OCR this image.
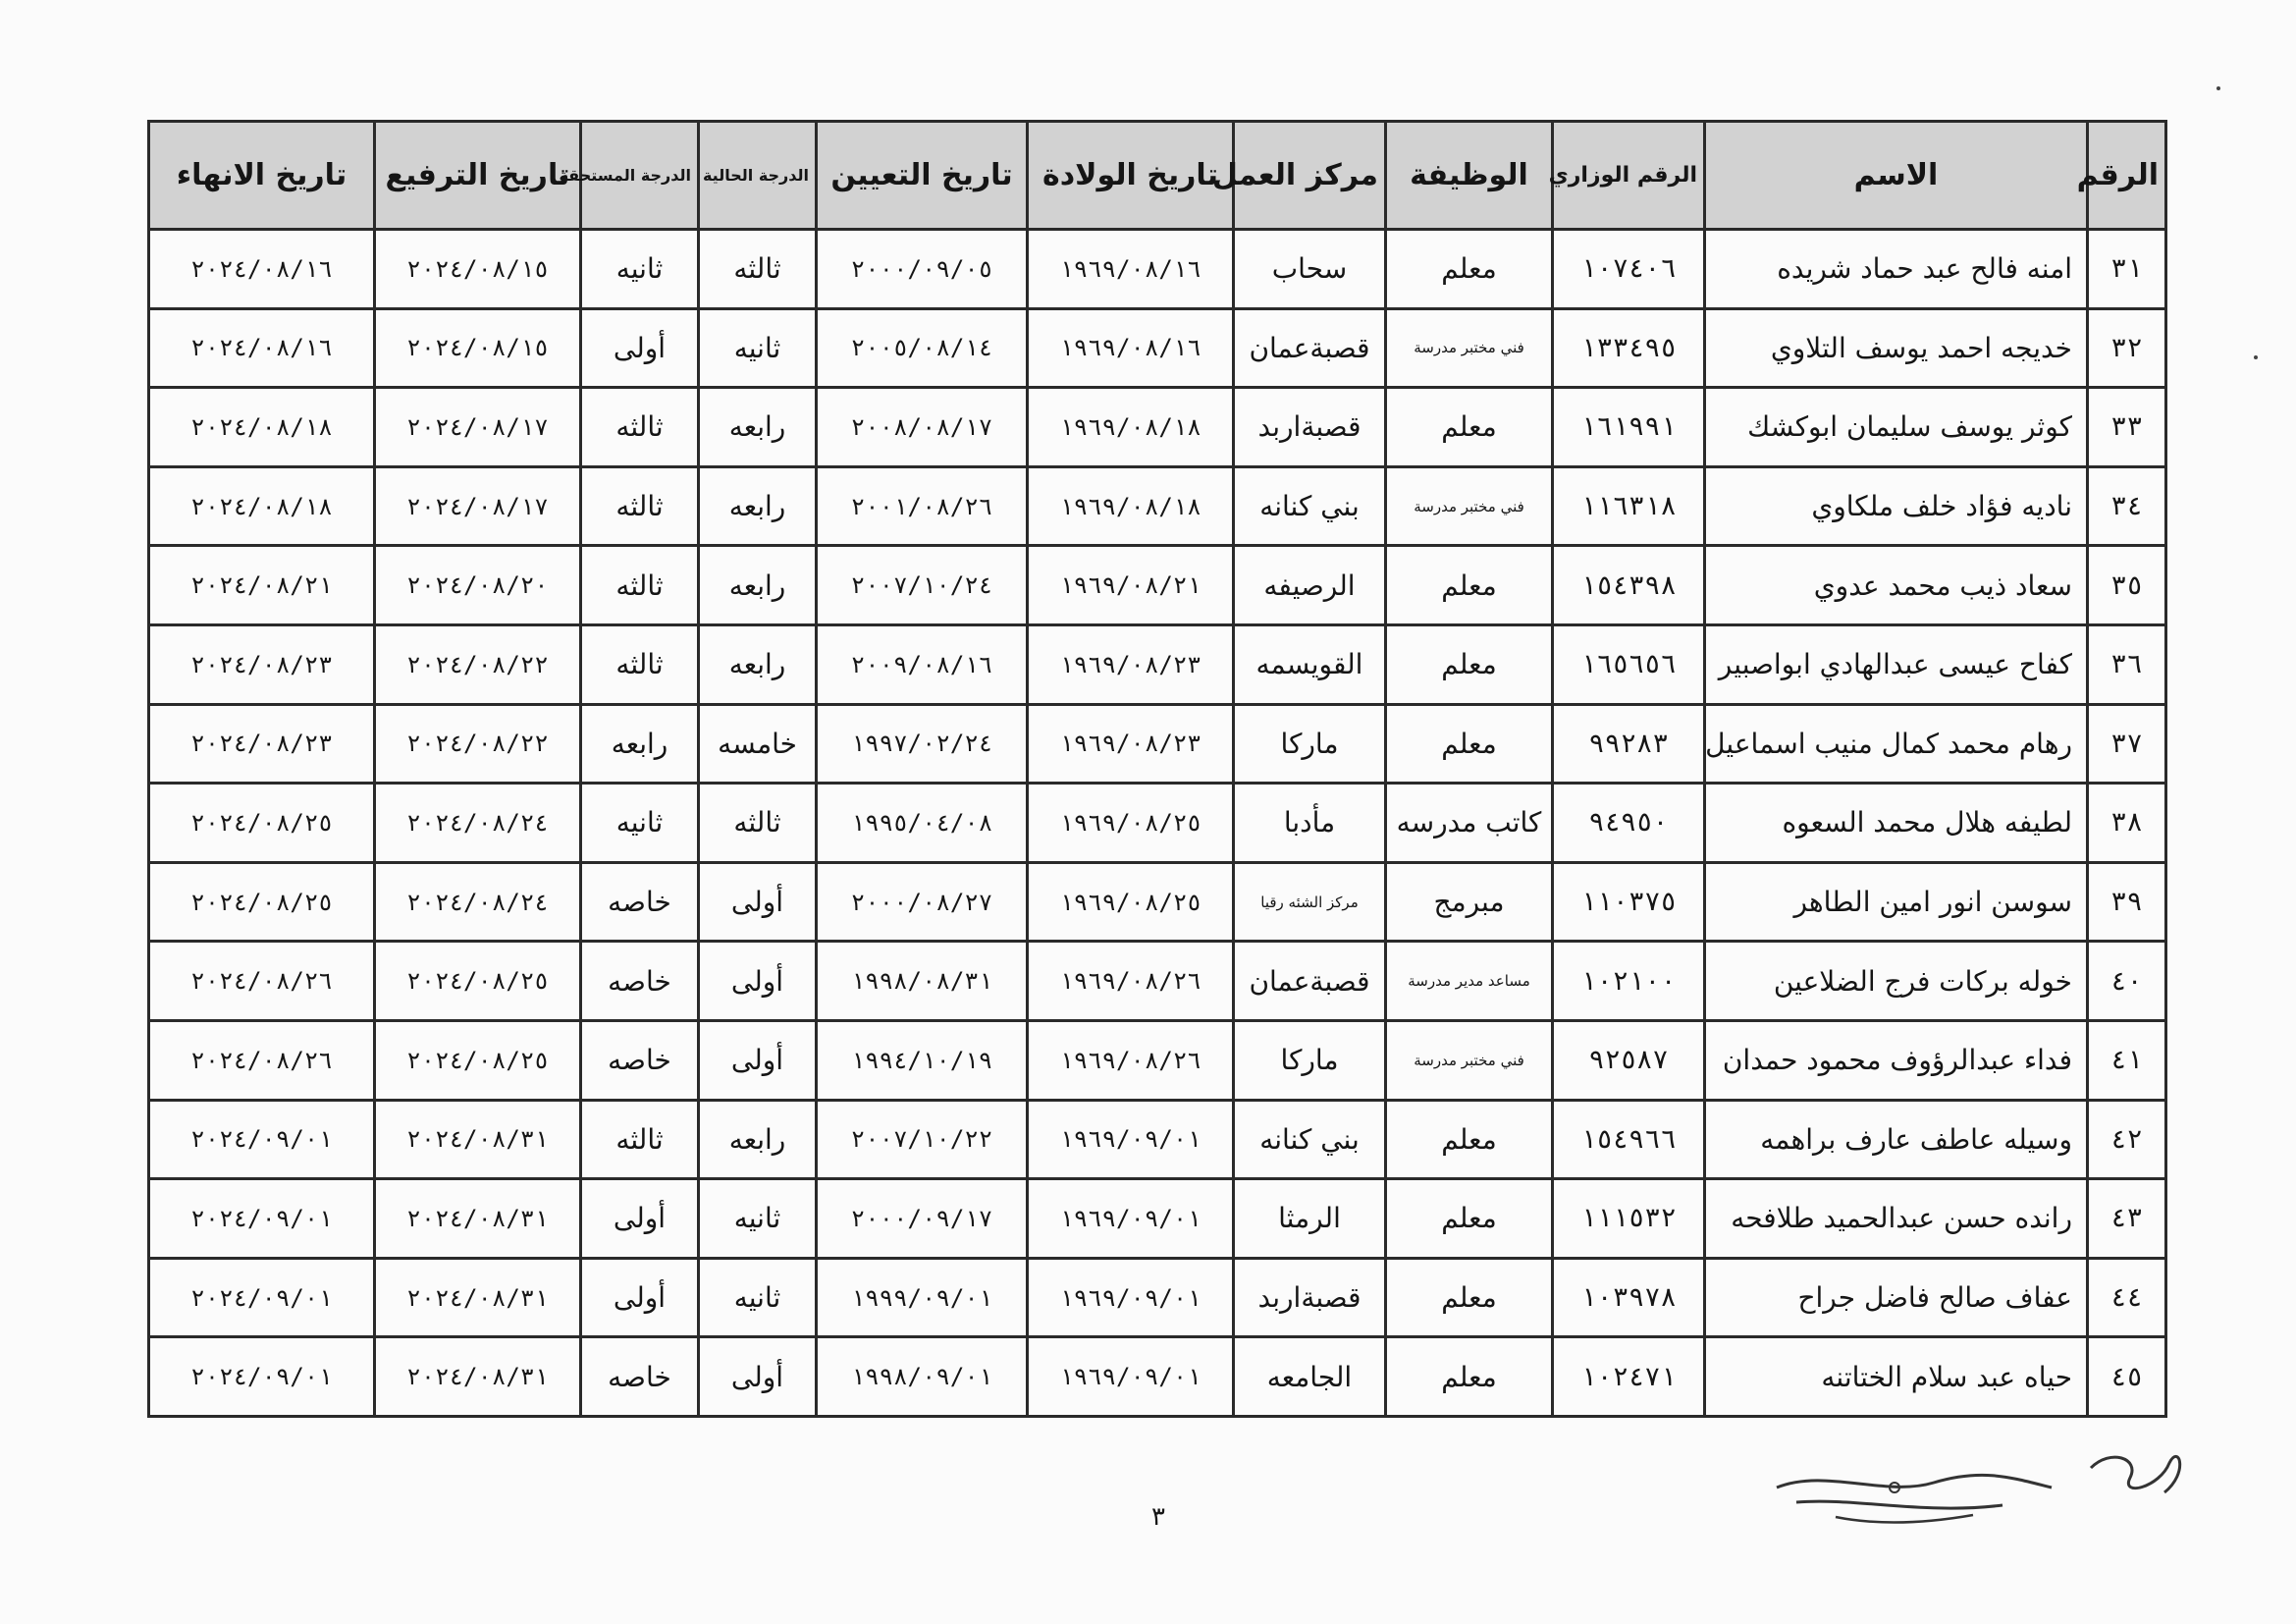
الرقم	الاسم	الرقم الوزاري	الوظيفة	مركز العمل	تاريخ الولادة	تاريخ التعيين	الدرجة الحالية	الدرجة المستحقة	تاريخ الترفيع	تاريخ الانهاء
٣١	امنه فالح عبد حماد شريده	١٠٧٤٠٦	معلم	سحاب	١٩٦٩/٠٨/١٦	٢٠٠٠/٠٩/٠٥	ثالثه	ثانيه	٢٠٢٤/٠٨/١٥	٢٠٢٤/٠٨/١٦
٣٢	خديجه احمد يوسف التلاوي	١٣٣٤٩٥	فني مختبر مدرسة	قصبةعمان	١٩٦٩/٠٨/١٦	٢٠٠٥/٠٨/١٤	ثانيه	أولى	٢٠٢٤/٠٨/١٥	٢٠٢٤/٠٨/١٦
٣٣	كوثر يوسف سليمان ابوكشك	١٦١٩٩١	معلم	قصبةاربد	١٩٦٩/٠٨/١٨	٢٠٠٨/٠٨/١٧	رابعه	ثالثه	٢٠٢٤/٠٨/١٧	٢٠٢٤/٠٨/١٨
٣٤	ناديه فؤاد خلف ملكاوي	١١٦٣١٨	فني مختبر مدرسة	بني كنانه	١٩٦٩/٠٨/١٨	٢٠٠١/٠٨/٢٦	رابعه	ثالثه	٢٠٢٤/٠٨/١٧	٢٠٢٤/٠٨/١٨
٣٥	سعاد ذيب محمد عدوي	١٥٤٣٩٨	معلم	الرصيفه	١٩٦٩/٠٨/٢١	٢٠٠٧/١٠/٢٤	رابعه	ثالثه	٢٠٢٤/٠٨/٢٠	٢٠٢٤/٠٨/٢١
٣٦	كفاح عيسى عبدالهادي ابواصبير	١٦٥٦٥٦	معلم	القويسمه	١٩٦٩/٠٨/٢٣	٢٠٠٩/٠٨/١٦	رابعه	ثالثه	٢٠٢٤/٠٨/٢٢	٢٠٢٤/٠٨/٢٣
٣٧	رهام محمد كمال منيب اسماعيل	٩٩٢٨٣	معلم	ماركا	١٩٦٩/٠٨/٢٣	١٩٩٧/٠٢/٢٤	خامسه	رابعه	٢٠٢٤/٠٨/٢٢	٢٠٢٤/٠٨/٢٣
٣٨	لطيفه هلال محمد السعوه	٩٤٩٥٠	كاتب مدرسه	مأدبا	١٩٦٩/٠٨/٢٥	١٩٩٥/٠٤/٠٨	ثالثه	ثانيه	٢٠٢٤/٠٨/٢٤	٢٠٢٤/٠٨/٢٥
٣٩	سوسن انور امين الطاهر	١١٠٣٧٥	مبرمج	مركز الشئه رقيا	١٩٦٩/٠٨/٢٥	٢٠٠٠/٠٨/٢٧	أولى	خاصه	٢٠٢٤/٠٨/٢٤	٢٠٢٤/٠٨/٢٥
٤٠	خوله بركات فرج الضلاعين	١٠٢١٠٠	مساعد مدير مدرسة	قصبةعمان	١٩٦٩/٠٨/٢٦	١٩٩٨/٠٨/٣١	أولى	خاصه	٢٠٢٤/٠٨/٢٥	٢٠٢٤/٠٨/٢٦
٤١	فداء عبدالرؤوف محمود حمدان	٩٢٥٨٧	فني مختبر مدرسة	ماركا	١٩٦٩/٠٨/٢٦	١٩٩٤/١٠/١٩	أولى	خاصه	٢٠٢٤/٠٨/٢٥	٢٠٢٤/٠٨/٢٦
٤٢	وسيله عاطف عارف براهمه	١٥٤٩٦٦	معلم	بني كنانه	١٩٦٩/٠٩/٠١	٢٠٠٧/١٠/٢٢	رابعه	ثالثه	٢٠٢٤/٠٨/٣١	٢٠٢٤/٠٩/٠١
٤٣	رانده حسن عبدالحميد طلافحه	١١١٥٣٢	معلم	الرمثا	١٩٦٩/٠٩/٠١	٢٠٠٠/٠٩/١٧	ثانيه	أولى	٢٠٢٤/٠٨/٣١	٢٠٢٤/٠٩/٠١
٤٤	عفاف صالح فاضل جراح	١٠٣٩٧٨	معلم	قصبةاربد	١٩٦٩/٠٩/٠١	١٩٩٩/٠٩/٠١	ثانيه	أولى	٢٠٢٤/٠٨/٣١	٢٠٢٤/٠٩/٠١
٤٥	حياه عبد سلام الختاتنه	١٠٢٤٧١	معلم	الجامعه	١٩٦٩/٠٩/٠١	١٩٩٨/٠٩/٠١	أولى	خاصه	٢٠٢٤/٠٨/٣١	٢٠٢٤/٠٩/٠١
٣
